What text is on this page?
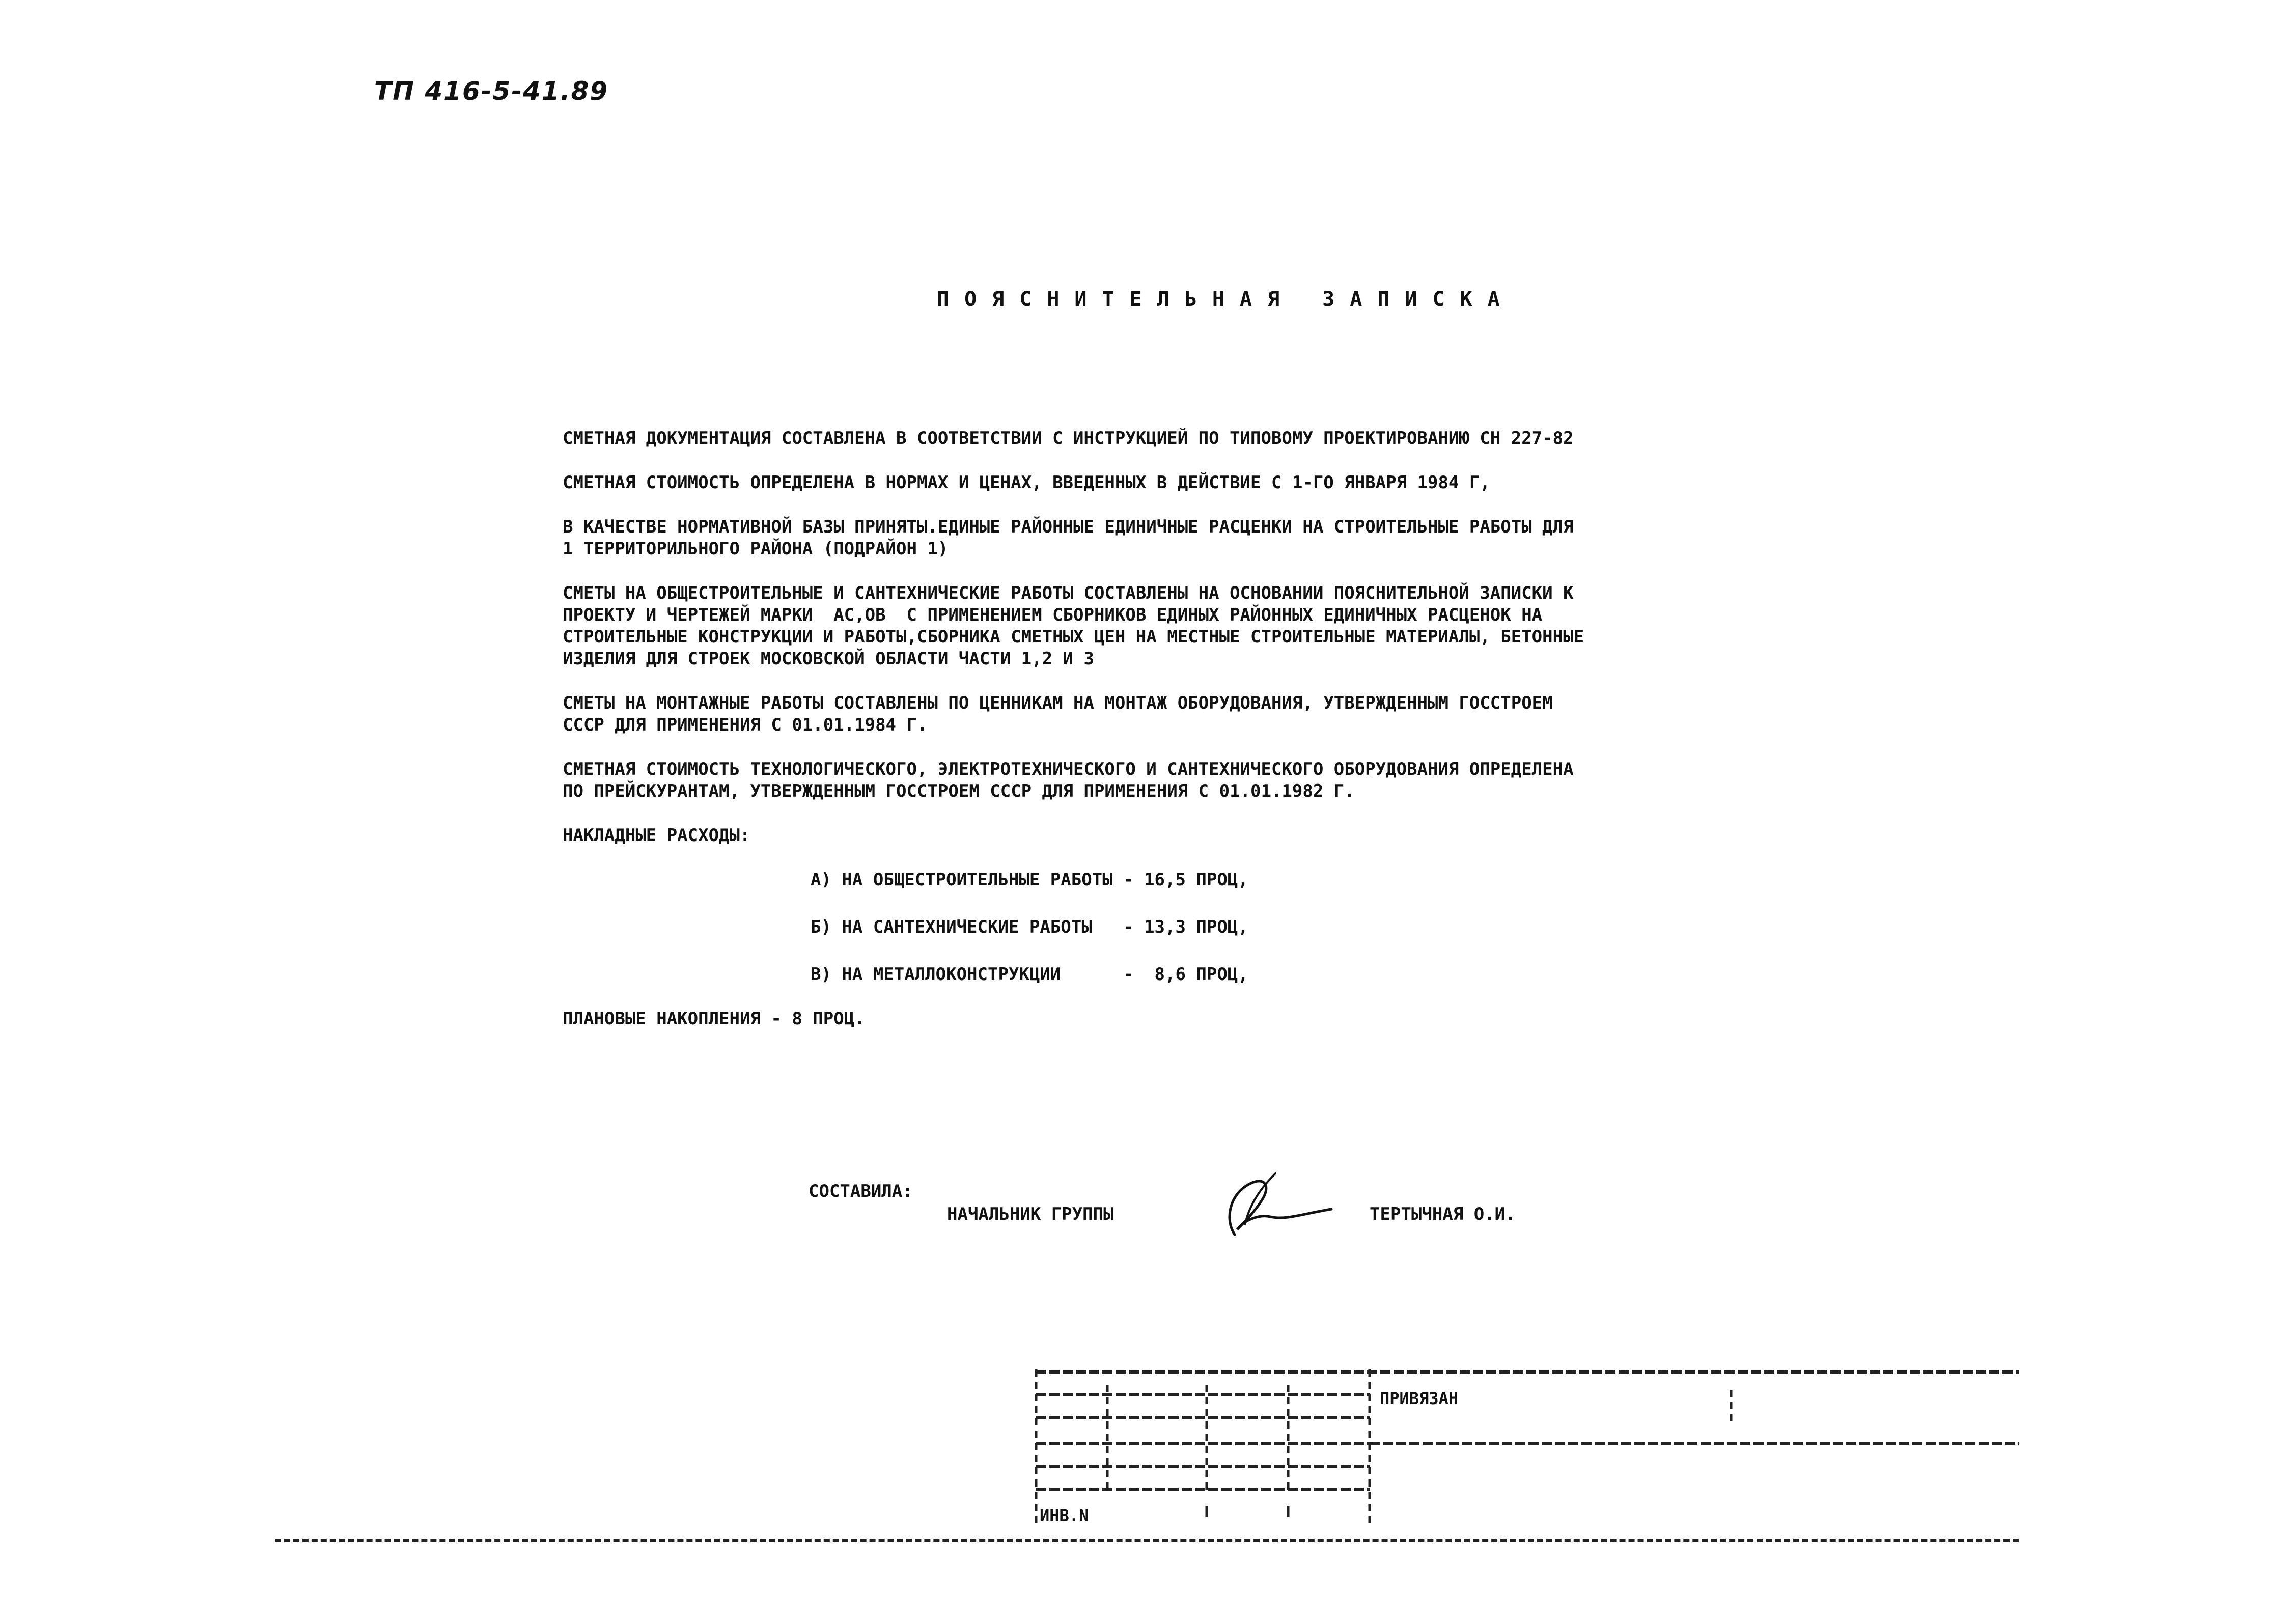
ТП 416-5-41.89
ПОЯСНИТЕЛЬНАЯ ЗАПИСКА

СМЕТНАЯ ДОКУМЕНТАЦИЯ СОСТАВЛЕНА В СООТВЕТСТВИИ С ИНСТРУКЦИЕЙ ПО ТИПОВОМУ ПРОЕКТИРОВАНИЮ СН 227-82

СМЕТНАЯ СТОИМОСТЬ ОПРЕДЕЛЕНА В НОРМАХ И ЦЕНАХ, ВВЕДЕННЫХ В ДЕЙСТВИЕ С 1-ГО ЯНВАРЯ 1984 Г,

В КАЧЕСТВЕ НОРМАТИВНОЙ БАЗЫ ПРИНЯТЫ.ЕДИНЫЕ РАЙОННЫЕ ЕДИНИЧНЫЕ РАСЦЕНКИ НА СТРОИТЕЛЬНЫЕ РАБОТЫ ДЛЯ
1 ТЕРРИТОРИЛЬНОГО РАЙОНА (ПОДРАЙОН 1)

СМЕТЫ НА ОБЩЕСТРОИТЕЛЬНЫЕ И САНТЕХНИЧЕСКИЕ РАБОТЫ СОСТАВЛЕНЫ НА ОСНОВАНИИ ПОЯСНИТЕЛЬНОЙ ЗАПИСКИ К
ПРОЕКТУ И ЧЕРТЕЖЕЙ МАРКИ  АС,ОВ  С ПРИМЕНЕНИЕМ СБОРНИКОВ ЕДИНЫХ РАЙОННЫХ ЕДИНИЧНЫХ РАСЦЕНОК НА
СТРОИТЕЛЬНЫЕ КОНСТРУКЦИИ И РАБОТЫ,СБОРНИКА СМЕТНЫХ ЦЕН НА МЕСТНЫЕ СТРОИТЕЛЬНЫЕ МАТЕРИАЛЫ, БЕТОННЫЕ
ИЗДЕЛИЯ ДЛЯ СТРОЕК МОСКОВСКОЙ ОБЛАСТИ ЧАСТИ 1,2 И 3

СМЕТЫ НА МОНТАЖНЫЕ РАБОТЫ СОСТАВЛЕНЫ ПО ЦЕННИКАМ НА МОНТАЖ ОБОРУДОВАНИЯ, УТВЕРЖДЕННЫМ ГОССТРОЕМ
СССР ДЛЯ ПРИМЕНЕНИЯ С 01.01.1984 Г.

СМЕТНАЯ СТОИМОСТЬ ТЕХНОЛОГИЧЕСКОГО, ЭЛЕКТРОТЕХНИЧЕСКОГО И САНТЕХНИЧЕСКОГО ОБОРУДОВАНИЯ ОПРЕДЕЛЕНА
ПО ПРЕЙСКУРАНТАМ, УТВЕРЖДЕННЫМ ГОССТРОЕМ СССР ДЛЯ ПРИМЕНЕНИЯ С 01.01.1982 Г.

НАКЛАДНЫЕ РАСХОДЫ:

А) НА ОБЩЕСТРОИТЕЛЬНЫЕ РАБОТЫ - 16,5 ПРОЦ,
Б) НА САНТЕХНИЧЕСКИЕ РАБОТЫ   - 13,3 ПРОЦ,
В) НА МЕТАЛЛОКОНСТРУКЦИИ      -  8,6 ПРОЦ,

ПЛАНОВЫЕ НАКОПЛЕНИЯ - 8 ПРОЦ.

СОСТАВИЛА:
НАЧАЛЬНИК ГРУППЫ	ТЕРТЫЧНАЯ О.И.
ПРИВЯЗАН
ИНВ.N
